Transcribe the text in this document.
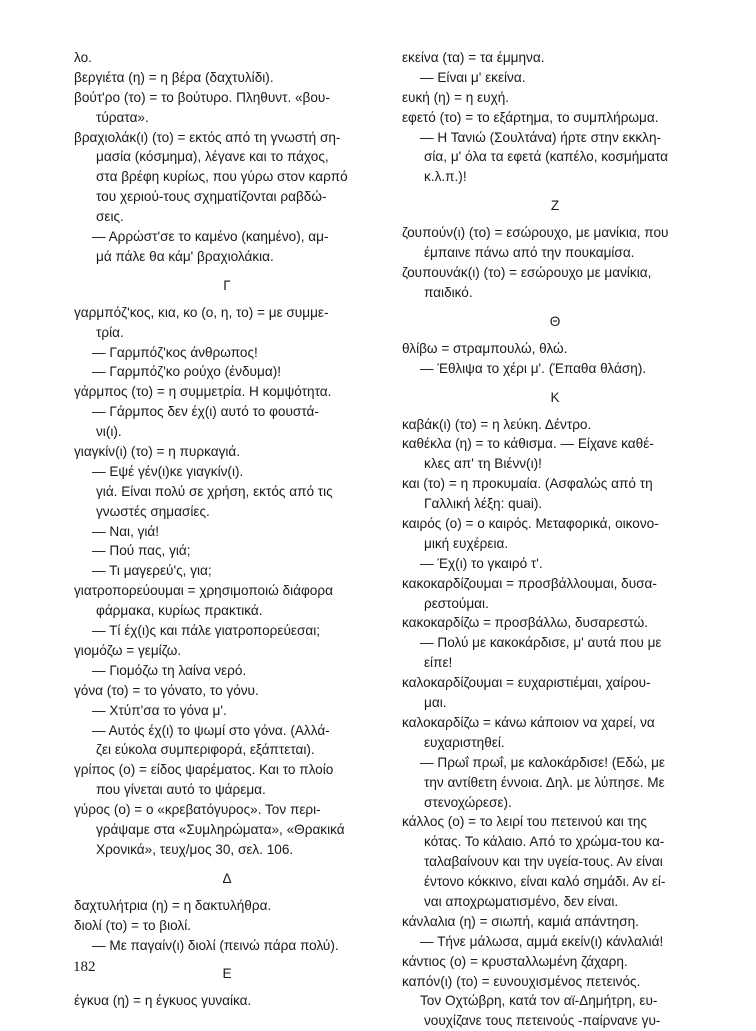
λο.
βεργιέτα (η) = η βέρα (δαχτυλίδι).
βούτ'ρο (το) = το βούτυρο. Πληθυντ. «βου-
τύρατα».
βραχιολάκ(ι) (το) = εκτός από τη γνωστή ση-
μασία (κόσμημα), λέγανε και το πάχος,
στα βρέφη κυρίως, που γύρω στον καρπό
του χεριού-τους σχηματίζονται ραβδώ-
σεις.
— Αρρώστ'σε το καμένο (καημένο), αμ-
μά πάλε θα κάμ' βραχιολάκια.
Γ
γαρμπόζ'κος, κια, κο (ο, η, το) = με συμμε-
τρία.
— Γαρμπόζ'κος άνθρωπος!
— Γαρμπόζ'κο ρούχο (ένδυμα)!
γάρμπος (το) = η συμμετρία. Η κομψότητα.
— Γάρμπος δεν έχ(ι) αυτό το φουστά-
νι(ι).
γιαγκίν(ι) (το) = η πυρκαγιά.
— Εψέ γέν(ι)κε γιαγκίν(ι).
γιά. Είναι πολύ σε χρήση, εκτός από τις
γνωστές σημασίες.
— Ναι, γιά!
— Πού πας, γιά;
— Τι μαγερεύ'ς, για;
γιατροπορεύουμαι = χρησιμοποιώ διάφορα
φάρμακα, κυρίως πρακτικά.
— Τί έχ(ι)ς και πάλε γιατροπορεύεσαι;
γιομόζω = γεμίζω.
— Γιομόζω τη λαίνα νερό.
γόνα (το) = το γόνατο, το γόνυ.
— Χτύπ'σα το γόνα μ'.
— Αυτός έχ(ι) το ψωμί στο γόνα. (Αλλά-
ζει εύκολα συμπεριφορά, εξάπτεται).
γρίπος (ο) = είδος ψαρέματος. Και το πλοίο
που γίνεται αυτό το ψάρεμα.
γύρος (ο) = ο «κρεβατόγυρος». Τον περι-
γράψαμε στα «Συμληρώματα», «Θρακικά
Χρονικά», τευχ/μος 30, σελ. 106.
Δ
δαχτυλήτρια (η) = η δακτυλήθρα.
διολί (το) = το βιολί.
— Με παγαίν(ι) διολί (πεινώ πάρα πολύ).
Ε
έγκυα (η) = η έγκυος γυναίκα.
εκείνα (τα) = τα έμμηνα.
— Είναι μ' εκείνα.
ευκή (η) = η ευχή.
εφετό (το) = το εξάρτημα, το συμπλήρωμα.
— Η Τανιώ (Σουλτάνα) ήρτε στην εκκλη-
σία, μ' όλα τα εφετά (καπέλο, κοσμήματα
κ.λ.π.)!
Ζ
ζουπούν(ι) (το) = εσώρουχο, με μανίκια, που
έμπαινε πάνω από την πουκαμίσα.
ζουπουνάκ(ι) (το) = εσώρουχο με μανίκια,
παιδικό.
Θ
θλίβω = στραμπουλώ, θλώ.
— Έθλιψα το χέρι μ'. (Έπαθα θλάση).
Κ
καβάκ(ι) (το) = η λεύκη. Δέντρο.
καθέκλα (η) = το κάθισμα. — Είχανε καθέ-
κλες απ' τη Βιένν(ι)!
και (το) = η προκυμαία. (Ασφαλώς από τη
Γαλλική λέξη: quai).
καιρός (ο) = ο καιρός. Μεταφορικά, οικονο-
μική ευχέρεια.
— Έχ(ι) το γκαιρό τ'.
κακοκαρδίζουμαι = προσβάλλουμαι, δυσα-
ρεστούμαι.
κακοκαρδίζω = προσβάλλω, δυσαρεστώ.
— Πολύ με κακοκάρδισε, μ' αυτά που με
είπε!
καλοκαρδίζουμαι = ευχαριστιέμαι, χαίρου-
μαι.
καλοκαρδίζω = κάνω κάποιον να χαρεί, να
ευχαριστηθεί.
— Πρωΐ πρωΐ, με καλοκάρδισε! (Εδώ, με
την αντίθετη έννοια. Δηλ. με λύπησε. Με
στενοχώρεσε).
κάλλος (ο) = το λειρί του πετεινού και της
κότας. Το κάλαιο. Από το χρώμα-του κα-
ταλαβαίνουν και την υγεία-τους. Αν είναι
έντονο κόκκινο, είναι καλό σημάδι. Αν εί-
ναι αποχρωματισμένο, δεν είναι.
κάνλαλια (η) = σιωπή, καμιά απάντηση.
— Τήνε μάλωσα, αμμά εκείν(ι) κάνλαλιά!
κάντιος (ο) = κρυσταλλωμένη ζάχαρη.
καπόν(ι) (το) = ευνουχισμένος πετεινός.
Τον Οχτώβρη, κατά τον αϊ-Δημήτρη, ευ-
νουχίζανε τους πετεινούς -παίρνανε γυ-
182
